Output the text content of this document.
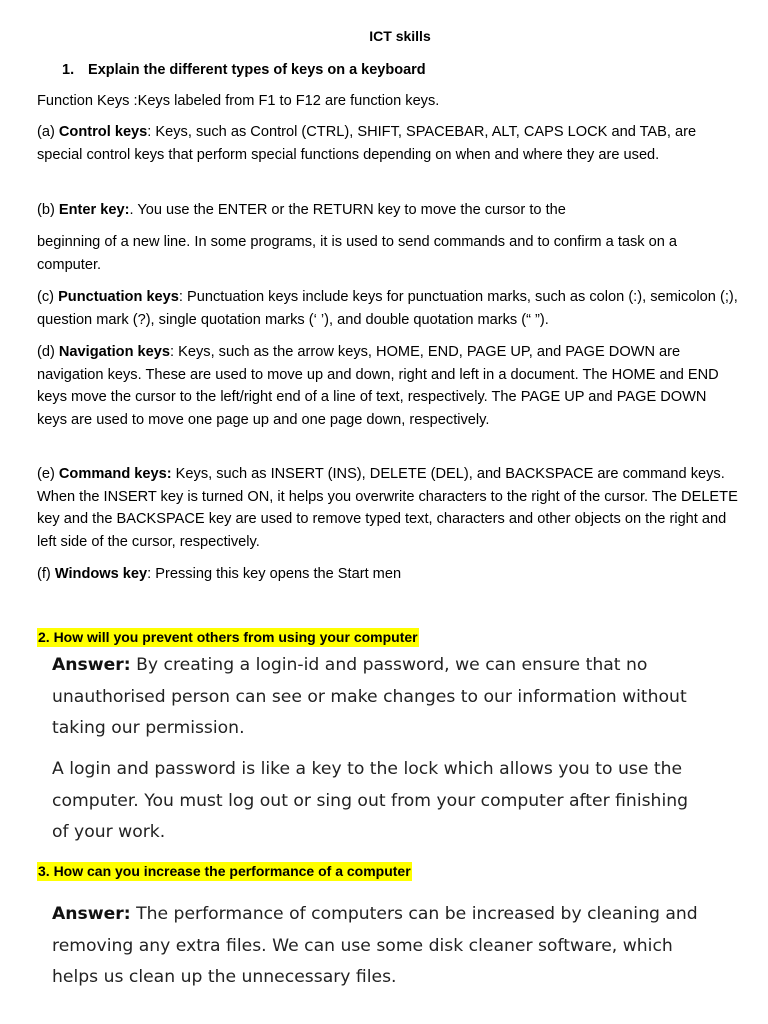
ICT skills
1. Explain the different types of keys on a keyboard
Function Keys :Keys labeled from F1 to F12 are function keys.
(a) Control keys: Keys, such as Control (CTRL), SHIFT, SPACEBAR, ALT, CAPS LOCK and TAB, are special control keys that perform special functions depending on when and where they are used.
(b) Enter key:. You use the ENTER or the RETURN key to move the cursor to the
beginning of a new line. In some programs, it is used to send commands and to confirm a task on a computer.
(c) Punctuation keys: Punctuation keys include keys for punctuation marks, such as colon (:), semicolon (;), question mark (?), single quotation marks (‘ ’), and double quotation marks (“ ”).
(d) Navigation keys: Keys, such as the arrow keys, HOME, END, PAGE UP, and PAGE DOWN are navigation keys. These are used to move up and down, right and left in a document. The HOME and END keys move the cursor to the left/right end of a line of text, respectively. The PAGE UP and PAGE DOWN keys are used to move one page up and one page down, respectively.
(e) Command keys: Keys, such as INSERT (INS), DELETE (DEL), and BACKSPACE are command keys. When the INSERT key is turned ON, it helps you overwrite characters to the right of the cursor. The DELETE key and the BACKSPACE key are used to remove typed text, characters and other objects on the right and left side of the cursor, respectively.
(f) Windows key: Pressing this key opens the Start men
2. How will you prevent others from using your computer
Answer: By creating a login-id and password, we can ensure that no unauthorised person can see or make changes to our information without taking our permission.
A login and password is like a key to the lock which allows you to use the computer. You must log out or sing out from your computer after finishing of your work.
3. How can you increase the performance of a computer
Answer: The performance of computers can be increased by cleaning and removing any extra files. We can use some disk cleaner software, which helps us clean up the unnecessary files.
